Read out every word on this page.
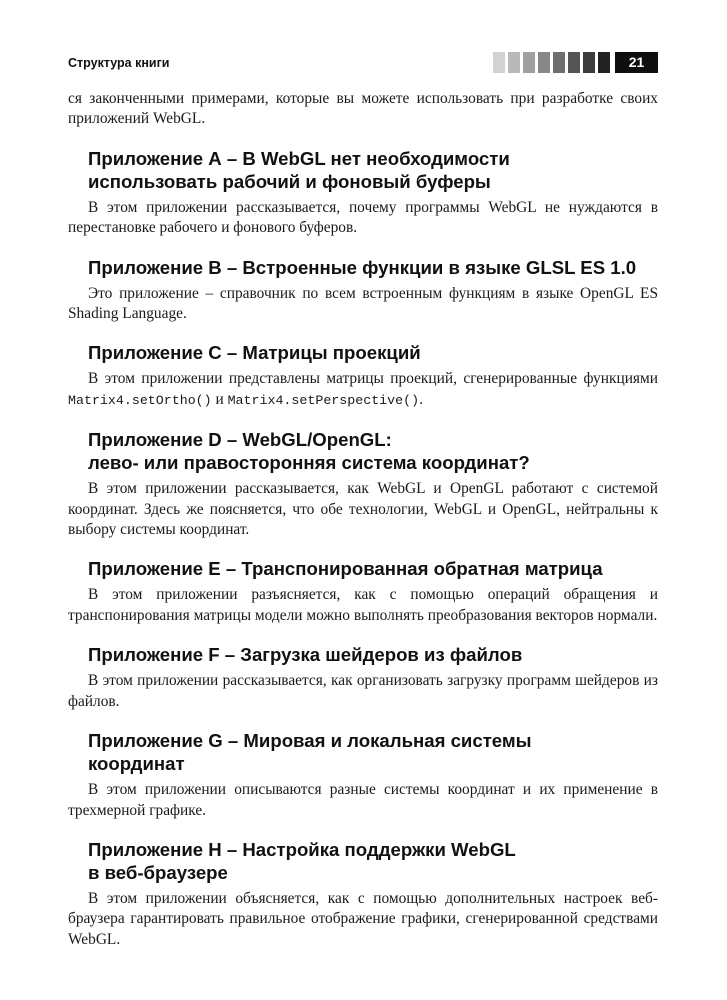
Структура книги	21

ся законченными примерами, которые вы можете использовать при разработке своих приложений WebGL.

Приложение А – В WebGL нет необходимости
использовать рабочий и фоновый буферы

В этом приложении рассказывается, почему программы WebGL не нуждаются в перестановке рабочего и фонового буферов.

Приложение В – Встроенные функции в языке GLSL ES 1.0

Это приложение – справочник по всем встроенным функциям в языке OpenGL ES Shading Language.

Приложение С – Матрицы проекций

В этом приложении представлены матрицы проекций, сгенерированные функциями Matrix4.setOrtho() и Matrix4.setPerspective().

Приложение D – WebGL/OpenGL:
лево- или правосторонняя система координат?

В этом приложении рассказывается, как WebGL и OpenGL работают с системой координат. Здесь же поясняется, что обе технологии, WebGL и OpenGL, нейтральны к выбору системы координат.

Приложение Е – Транспонированная обратная матрица

В этом приложении разъясняется, как с помощью операций обращения и транспонирования матрицы модели можно выполнять преобразования векторов нормали.

Приложение F – Загрузка шейдеров из файлов

В этом приложении рассказывается, как организовать загрузку программ шейдеров из файлов.

Приложение G – Мировая и локальная системы
координат

В этом приложении описываются разные системы координат и их применение в трехмерной графике.

Приложение H – Настройка поддержки WebGL
в веб-браузере

В этом приложении объясняется, как с помощью дополнительных настроек веб-браузера гарантировать правильное отображение графики, сгенерированной средствами WebGL.
